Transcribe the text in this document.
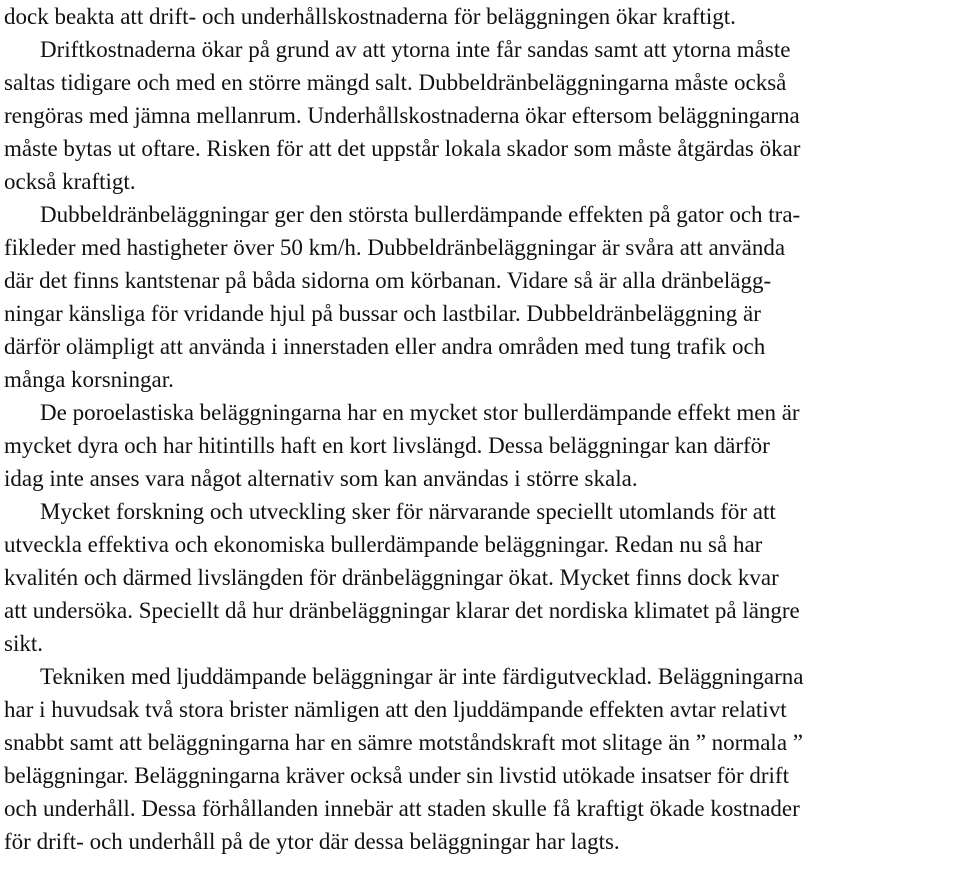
dock beakta att drift- och underhållskostnaderna för beläggningen ökar kraftigt.
Driftkostnaderna ökar på grund av att ytorna inte får sandas samt att ytorna måste
saltas tidigare och med en större mängd salt. Dubbeldränbeläggningarna måste också
rengöras med jämna mellanrum. Underhållskostnaderna ökar eftersom beläggningarna
måste bytas ut oftare. Risken för att det uppstår lokala skador som måste åtgärdas ökar
också kraftigt.
Dubbeldränbeläggningar ger den största bullerdämpande effekten på gator och tra-
fikleder med hastigheter över 50 km/h. Dubbeldränbeläggningar är svåra att använda
där det finns kantstenar på båda sidorna om körbanan. Vidare så är alla dränbelägg-
ningar känsliga för vridande hjul på bussar och lastbilar. Dubbeldränbeläggning är
därför olämpligt att använda i innerstaden eller andra områden med tung trafik och
många korsningar.
De poroelastiska beläggningarna har en mycket stor bullerdämpande effekt men är
mycket dyra och har hitintills haft en kort livslängd. Dessa beläggningar kan därför
idag inte anses vara något alternativ som kan användas i större skala.
Mycket forskning och utveckling sker för närvarande speciellt utomlands för att
utveckla effektiva och ekonomiska bullerdämpande beläggningar. Redan nu så har
kvalitén och därmed livslängden för dränbeläggningar ökat. Mycket finns dock kvar
att undersöka. Speciellt då hur dränbeläggningar klarar det nordiska klimatet på längre
sikt.
Tekniken med ljuddämpande beläggningar är inte färdigutvecklad. Beläggningarna
har i huvudsak två stora brister nämligen att den ljuddämpande effekten avtar relativt
snabbt samt att beläggningarna har en sämre motståndskraft mot slitage än ” normala ”
beläggningar. Beläggningarna kräver också under sin livstid utökade insatser för drift
och underhåll. Dessa förhållanden innebär att staden skulle få kraftigt ökade kostnader
för drift- och underhåll på de ytor där dessa beläggningar har lagts.
